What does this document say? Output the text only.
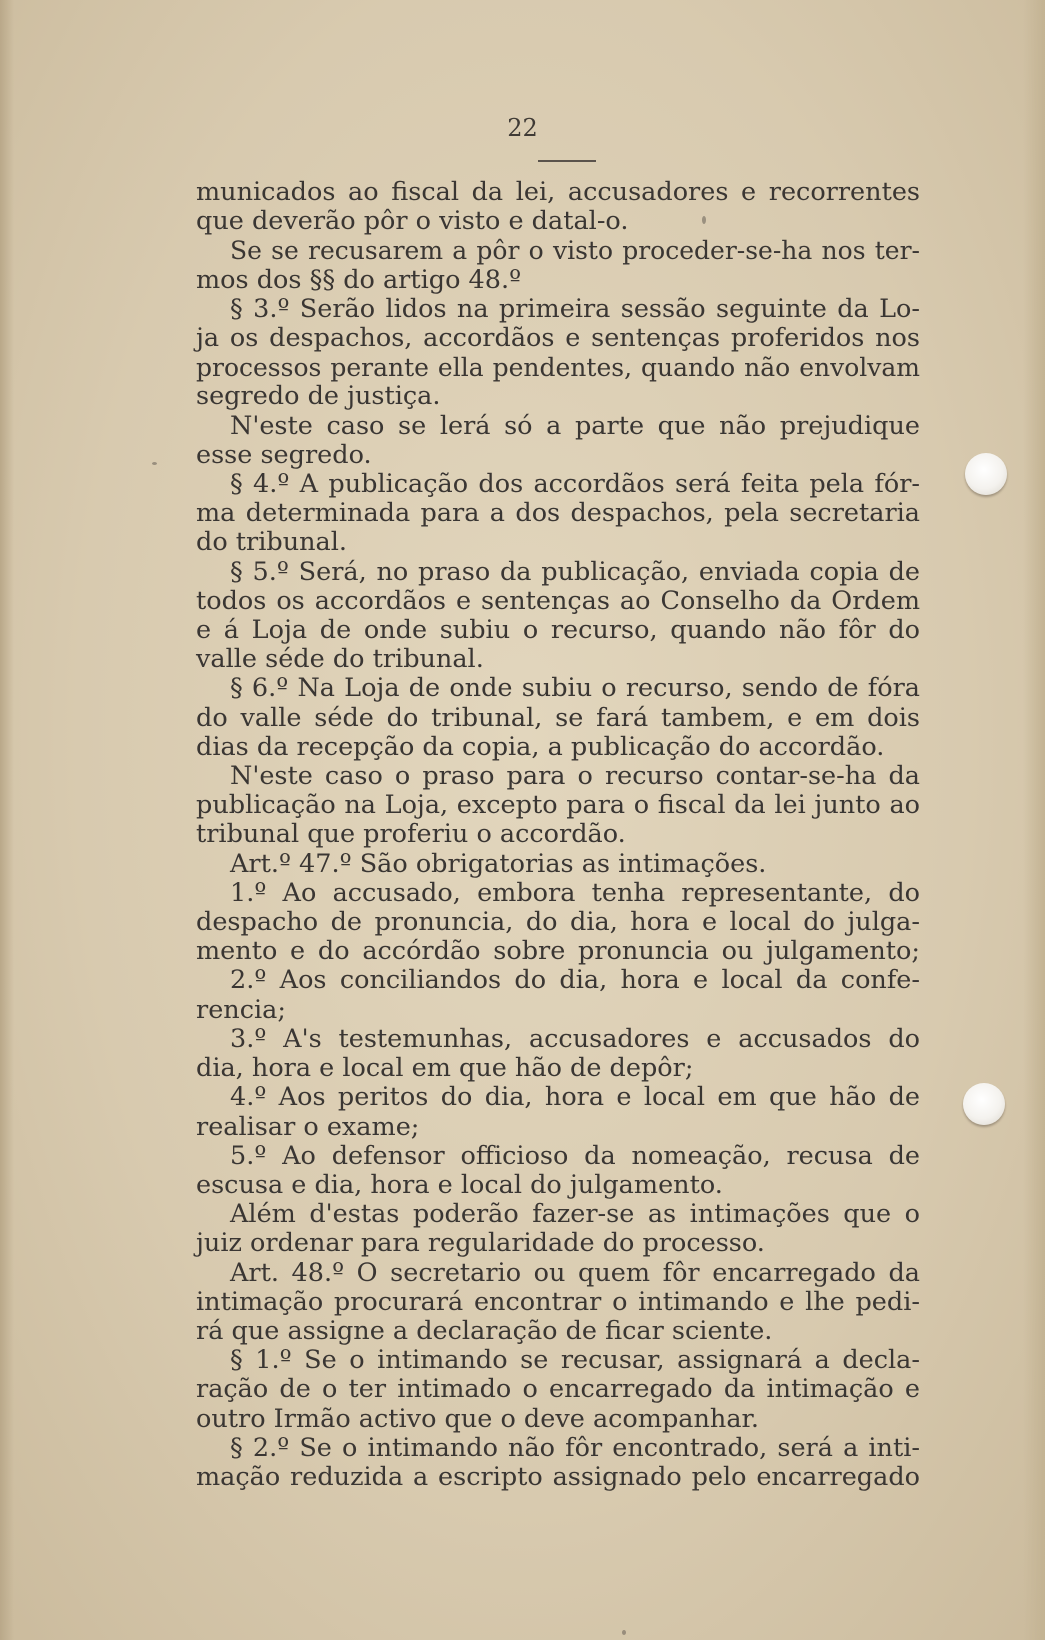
22
municados ao fiscal da lei, accusadores e recorrentes
que deverão pôr o visto e datal-o.
Se se recusarem a pôr o visto proceder-se-ha nos ter-
mos dos §§ do artigo 48.º
§ 3.º Serão lidos na primeira sessão seguinte da Lo-
ja os despachos, accordãos e sentenças proferidos nos
processos perante ella pendentes, quando não envolvam
segredo de justiça.
N'este caso se lerá só a parte que não prejudique
esse segredo.
§ 4.º A publicação dos accordãos será feita pela fór-
ma determinada para a dos despachos, pela secretaria
do tribunal.
§ 5.º Será, no praso da publicação, enviada copia de
todos os accordãos e sentenças ao Conselho da Ordem
e á Loja de onde subiu o recurso, quando não fôr do
valle séde do tribunal.
§ 6.º Na Loja de onde subiu o recurso, sendo de fóra
do valle séde do tribunal, se fará tambem, e em dois
dias da recepção da copia, a publicação do accordão.
N'este caso o praso para o recurso contar-se-ha da
publicação na Loja, excepto para o fiscal da lei junto ao
tribunal que proferiu o accordão.
Art.º 47.º São obrigatorias as intimações.
1.º Ao accusado, embora tenha representante, do
despacho de pronuncia, do dia, hora e local do julga-
mento e do accórdão sobre pronuncia ou julgamento;
2.º Aos conciliandos do dia, hora e local da confe-
rencia;
3.º A's testemunhas, accusadores e accusados do
dia, hora e local em que hão de depôr;
4.º Aos peritos do dia, hora e local em que hão de
realisar o exame;
5.º Ao defensor officioso da nomeação, recusa de
escusa e dia, hora e local do julgamento.
Além d'estas poderão fazer-se as intimações que o
juiz ordenar para regularidade do processo.
Art. 48.º O secretario ou quem fôr encarregado da
intimação procurará encontrar o intimando e lhe pedi-
rá que assigne a declaração de ficar sciente.
§ 1.º Se o intimando se recusar, assignará a decla-
ração de o ter intimado o encarregado da intimação e
outro Irmão activo que o deve acompanhar.
§ 2.º Se o intimando não fôr encontrado, será a inti-
mação reduzida a escripto assignado pelo encarregado
